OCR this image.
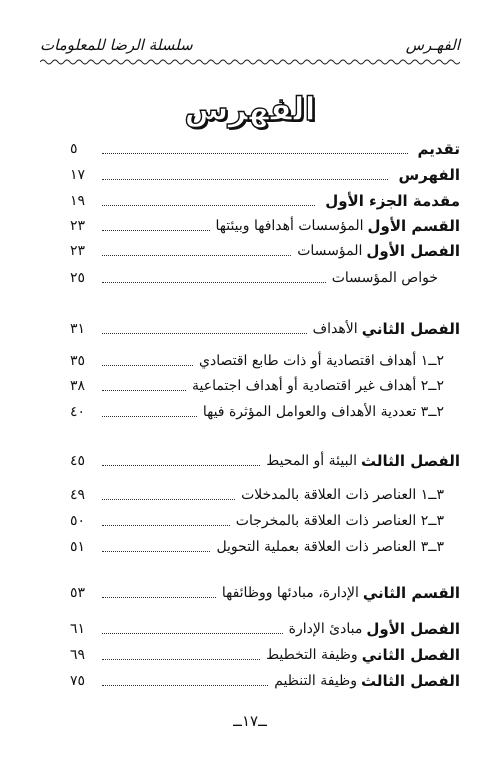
الفهـرس
سلسلة الرضا للمعلومات
الفهرس
تقديم
٥
الفهرس
١٧
مقدمة الجزء الأول
١٩
القسم الأول
المؤسسات أهدافها وبيئتها
٢٣
الفصل الأول
المؤسسات
٢٣
خواص المؤسسات
٢٥
الفصل الثاني
الأهداف
٣١
٢ــ١ أهداف اقتصادية أو ذات طابع اقتصادي
٣٥
٢ــ٢ أهداف غير اقتصادية أو أهداف اجتماعية
٣٨
٢ــ٣ تعددية الأهداف والعوامل المؤثرة فيها
٤٠
الفصل الثالث
البيئة أو المحيط
٤٥
٣ــ١ العناصر ذات العلاقة بالمدخلات
٤٩
٣ــ٢ العناصر ذات العلاقة بالمخرجات
٥٠
٣ــ٣ العناصر ذات العلاقة بعملية التحويل
٥١
القسم الثاني
الإدارة، مبادئها ووظائفها
٥٣
الفصل الأول
مبادئ الإدارة
٦١
الفصل الثاني
وظيفة التخطيط
٦٩
الفصل الثالث
وظيفة التنظيم
٧٥
ــ١٧ــ
